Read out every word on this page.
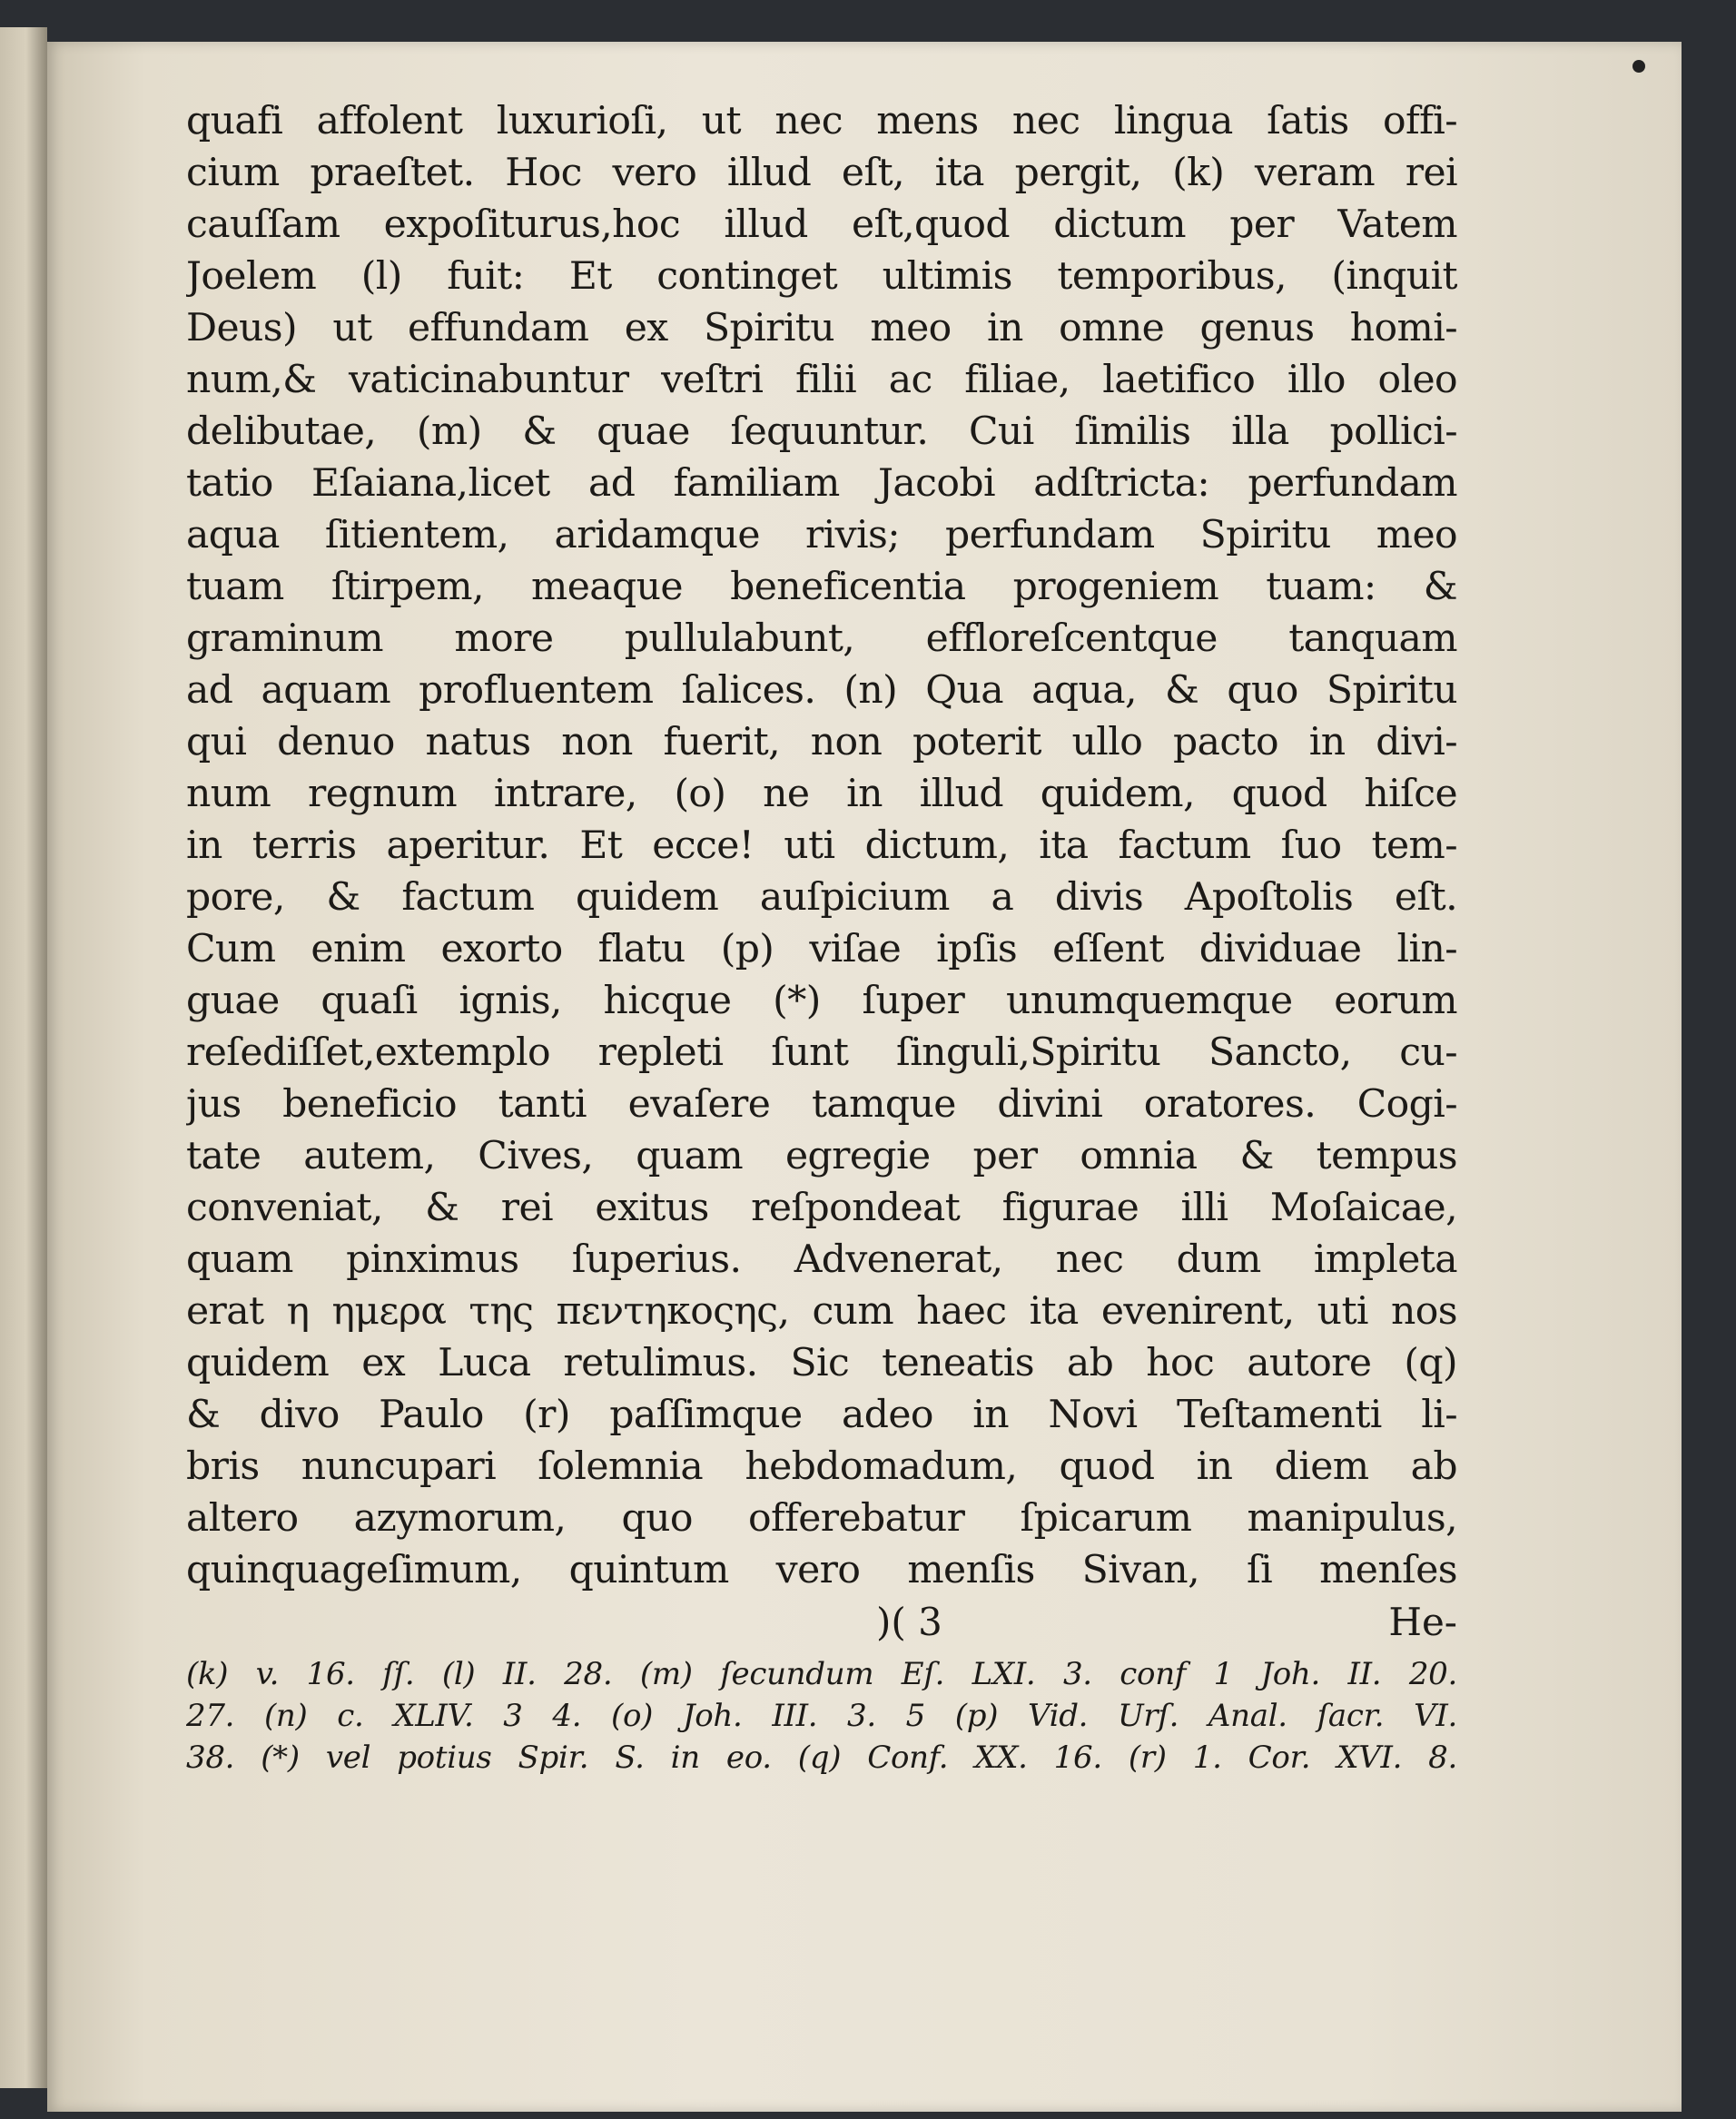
quafi affolent luxurioſi, ut nec mens nec lingua ſatis offi-
cium praeſtet. Hoc vero illud eſt, ita pergit, (k) veram rei
cauſſam expoſiturus,hoc illud eſt,quod dictum per Vatem
Joelem (l) fuit: Et continget ultimis temporibus, (inquit
Deus) ut effundam ex Spiritu meo in omne genus homi-
num,& vaticinabuntur veſtri filii ac filiae, laetifico illo oleo
delibutae, (m) & quae ſequuntur. Cui ſimilis illa pollici-
tatio Eſaiana,licet ad familiam Jacobi adſtricta: perfundam
aqua ſitientem, aridamque rivis; perfundam Spiritu meo
tuam ſtirpem, meaque beneficentia progeniem tuam: &
graminum more pullulabunt, effloreſcentque tanquam
ad aquam profluentem ſalices. (n) Qua aqua, & quo Spiritu
qui denuo natus non fuerit, non poterit ullo pacto in divi-
num regnum intrare, (o) ne in illud quidem, quod hiſce
in terris aperitur. Et ecce! uti dictum, ita factum ſuo tem-
pore, & factum quidem auſpicium a divis Apoſtolis eſt.
Cum enim exorto flatu (p) viſae ipſis eſſent dividuae lin-
guae quaſi ignis, hicque (*) ſuper unumquemque eorum
reſediſſet,extemplo repleti ſunt ſinguli,Spiritu Sancto, cu-
jus beneficio tanti evaſere tamque divini oratores. Cogi-
tate autem, Cives, quam egregie per omnia & tempus
conveniat, & rei exitus reſpondeat figurae illi Moſaicae,
quam pinximus ſuperius. Advenerat, nec dum impleta
erat η ημερα της πεντηκοςης, cum haec ita evenirent, uti nos
quidem ex Luca retulimus. Sic teneatis ab hoc autore (q)
& divo Paulo (r) paſſimque adeo in Novi Teſtamenti li-
bris nuncupari ſolemnia hebdomadum, quod in diem ab
altero azymorum, quo offerebatur ſpicarum manipulus,
quinquageſimum, quintum vero menſis Sivan, ſi menſes
)( 3	He-
(k) v. 16. ſſ. (l) II. 28. (m) ſecundum Eſ. LXI. 3. conf 1 Joh. II. 20.
27. (n) c. XLIV. 3 4. (o) Joh. III. 3. 5 (p) Vid. Urſ. Anal. ſacr. VI.
38. (*) vel potius Spir. S. in eo. (q) Conf. XX. 16. (r) 1. Cor. XVI. 8.
